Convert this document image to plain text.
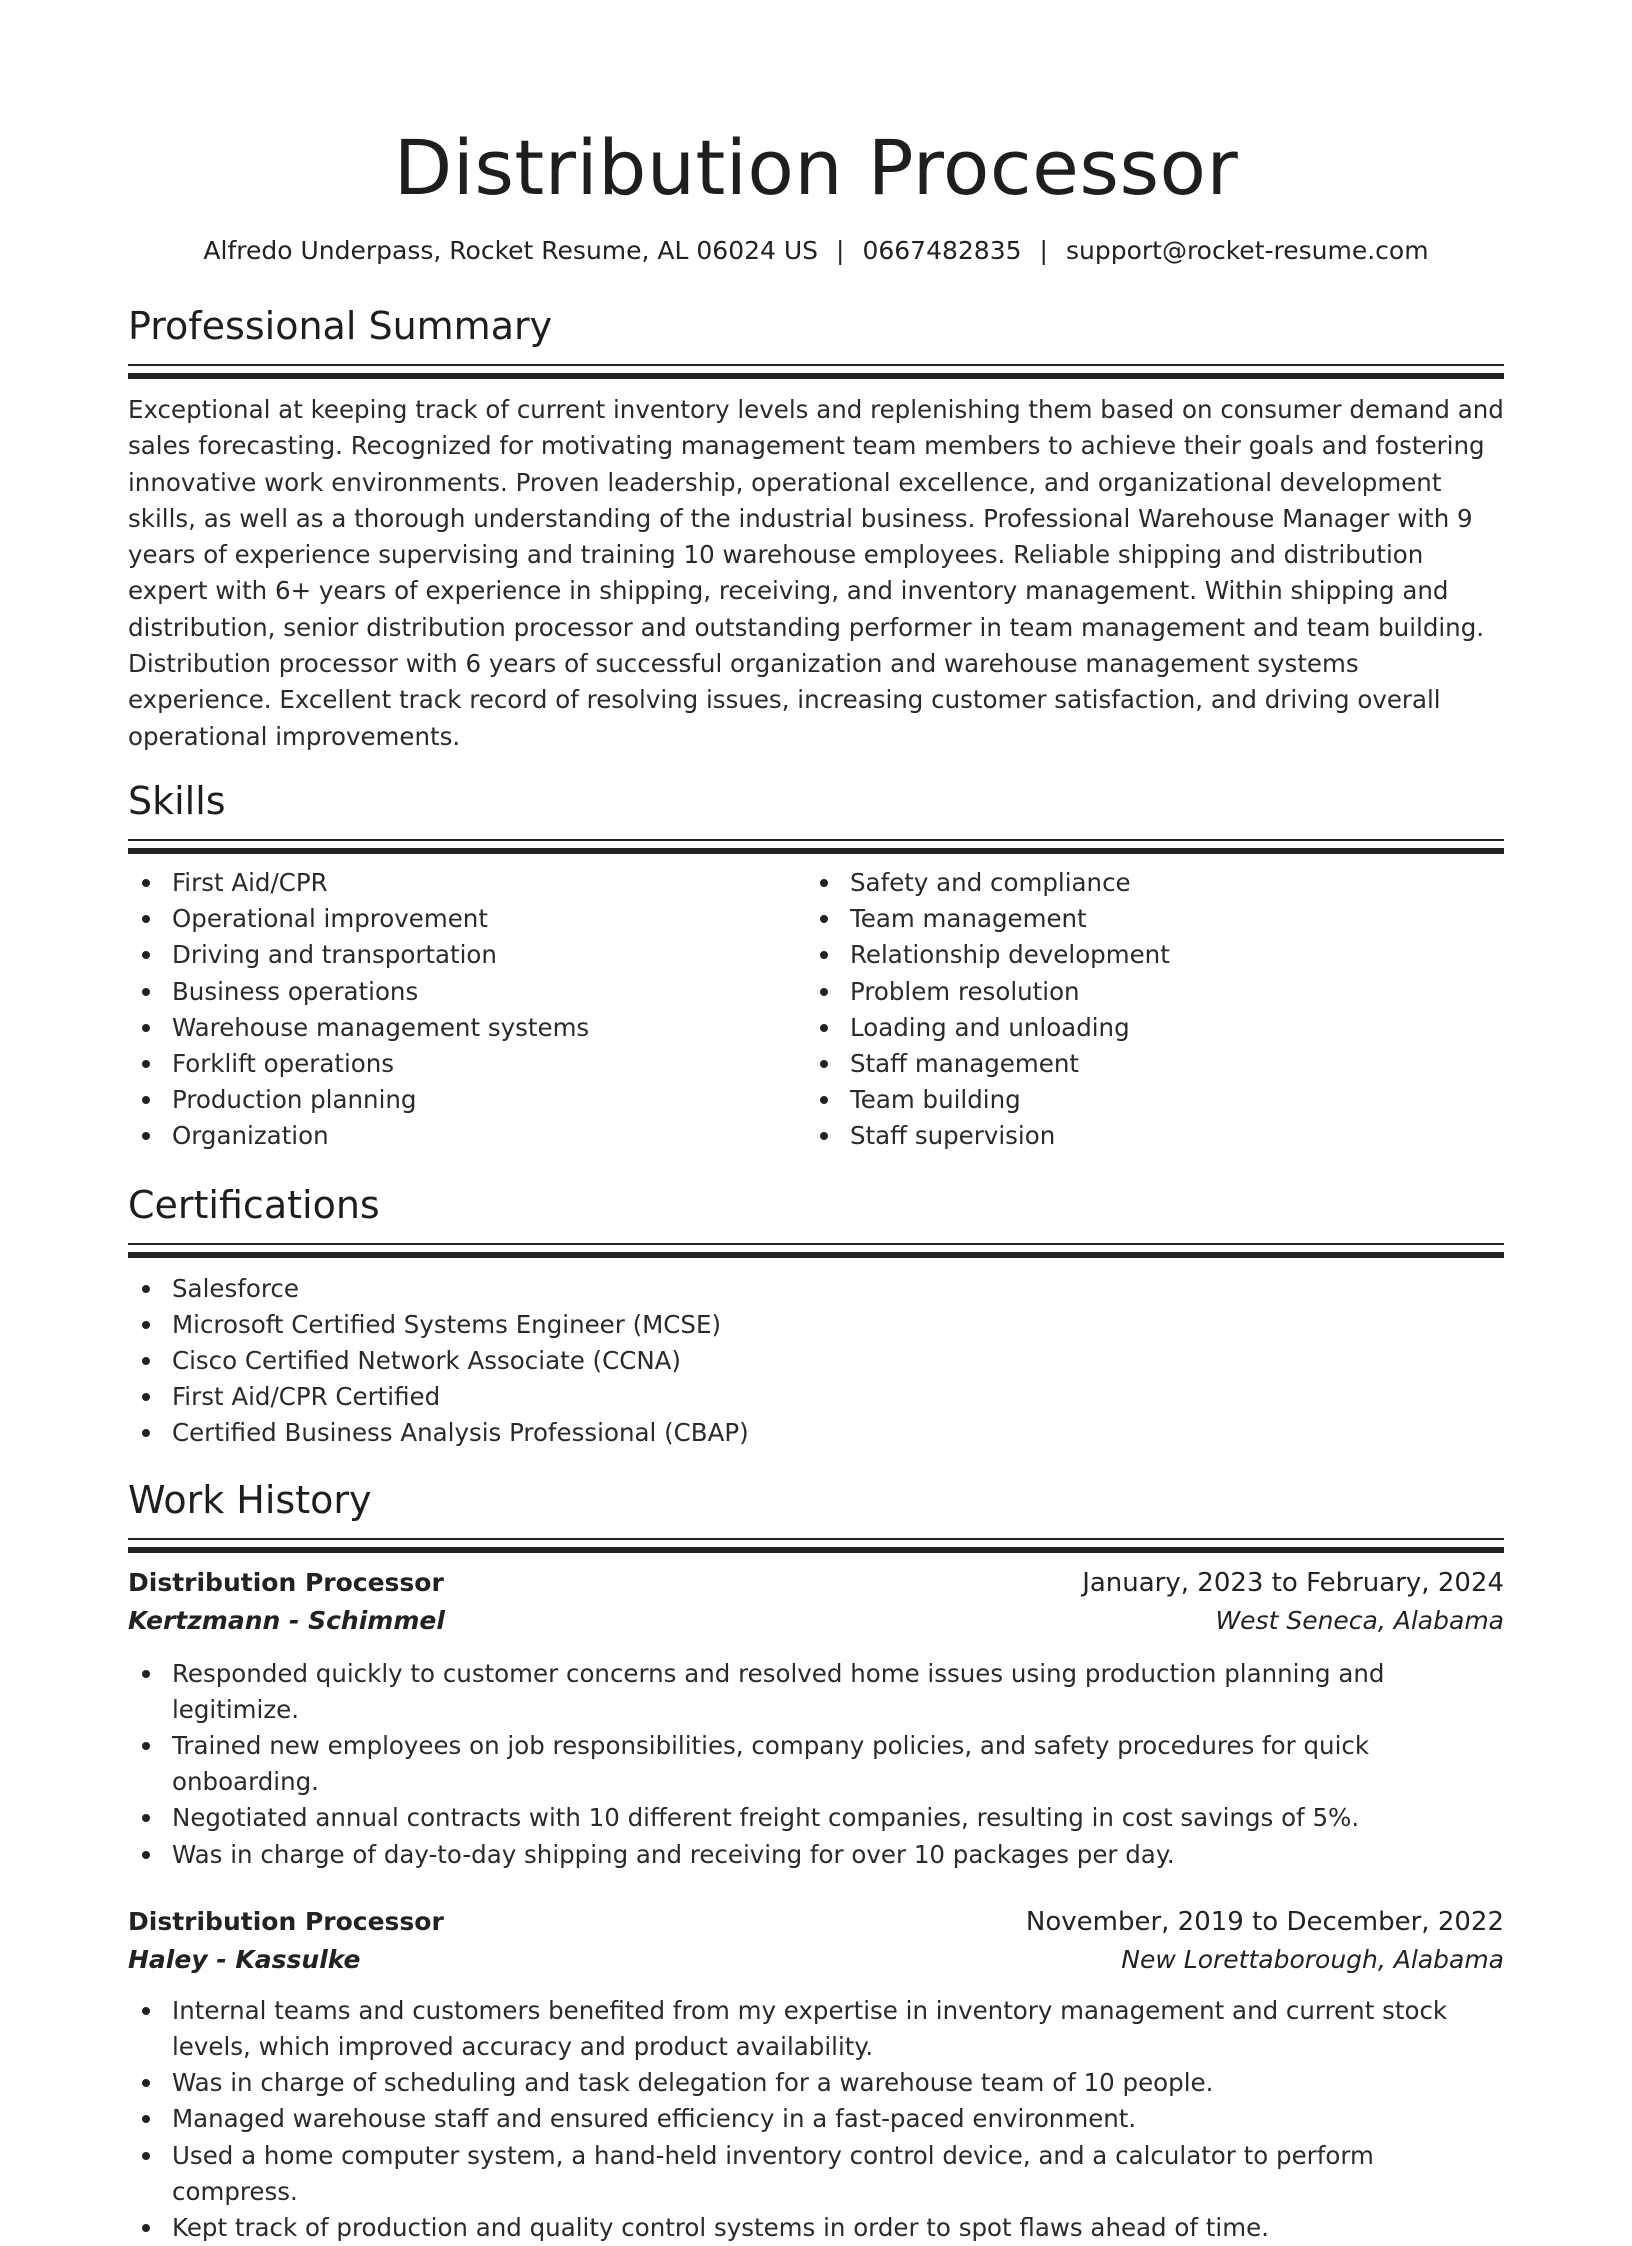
Distribution Processor
Alfredo Underpass, Rocket Resume, AL 06024 US | 0667482835 | support@rocket-resume.com
Professional Summary
Exceptional at keeping track of current inventory levels and replenishing them based on consumer demand and sales forecasting. Recognized for motivating management team members to achieve their goals and fostering innovative work environments. Proven leadership, operational excellence, and organizational development skills, as well as a thorough understanding of the industrial business. Professional Warehouse Manager with 9 years of experience supervising and training 10 warehouse employees. Reliable shipping and distribution expert with 6+ years of experience in shipping, receiving, and inventory management. Within shipping and distribution, senior distribution processor and outstanding performer in team management and team building. Distribution processor with 6 years of successful organization and warehouse management systems experience. Excellent track record of resolving issues, increasing customer satisfaction, and driving overall operational improvements.
Skills
First Aid/CPR
Operational improvement
Driving and transportation
Business operations
Warehouse management systems
Forklift operations
Production planning
Organization
Safety and compliance
Team management
Relationship development
Problem resolution
Loading and unloading
Staff management
Team building
Staff supervision
Certifications
Salesforce
Microsoft Certified Systems Engineer (MCSE)
Cisco Certified Network Associate (CCNA)
First Aid/CPR Certified
Certified Business Analysis Professional (CBAP)
Work History
Distribution Processor	January, 2023 to February, 2024
Kertzmann - Schimmel	West Seneca, Alabama
Responded quickly to customer concerns and resolved home issues using production planning and legitimize.
Trained new employees on job responsibilities, company policies, and safety procedures for quick onboarding.
Negotiated annual contracts with 10 different freight companies, resulting in cost savings of 5%.
Was in charge of day-to-day shipping and receiving for over 10 packages per day.
Distribution Processor	November, 2019 to December, 2022
Haley - Kassulke	New Lorettaborough, Alabama
Internal teams and customers benefited from my expertise in inventory management and current stock levels, which improved accuracy and product availability.
Was in charge of scheduling and task delegation for a warehouse team of 10 people.
Managed warehouse staff and ensured efficiency in a fast-paced environment.
Used a home computer system, a hand-held inventory control device, and a calculator to perform compress.
Kept track of production and quality control systems in order to spot flaws ahead of time.
